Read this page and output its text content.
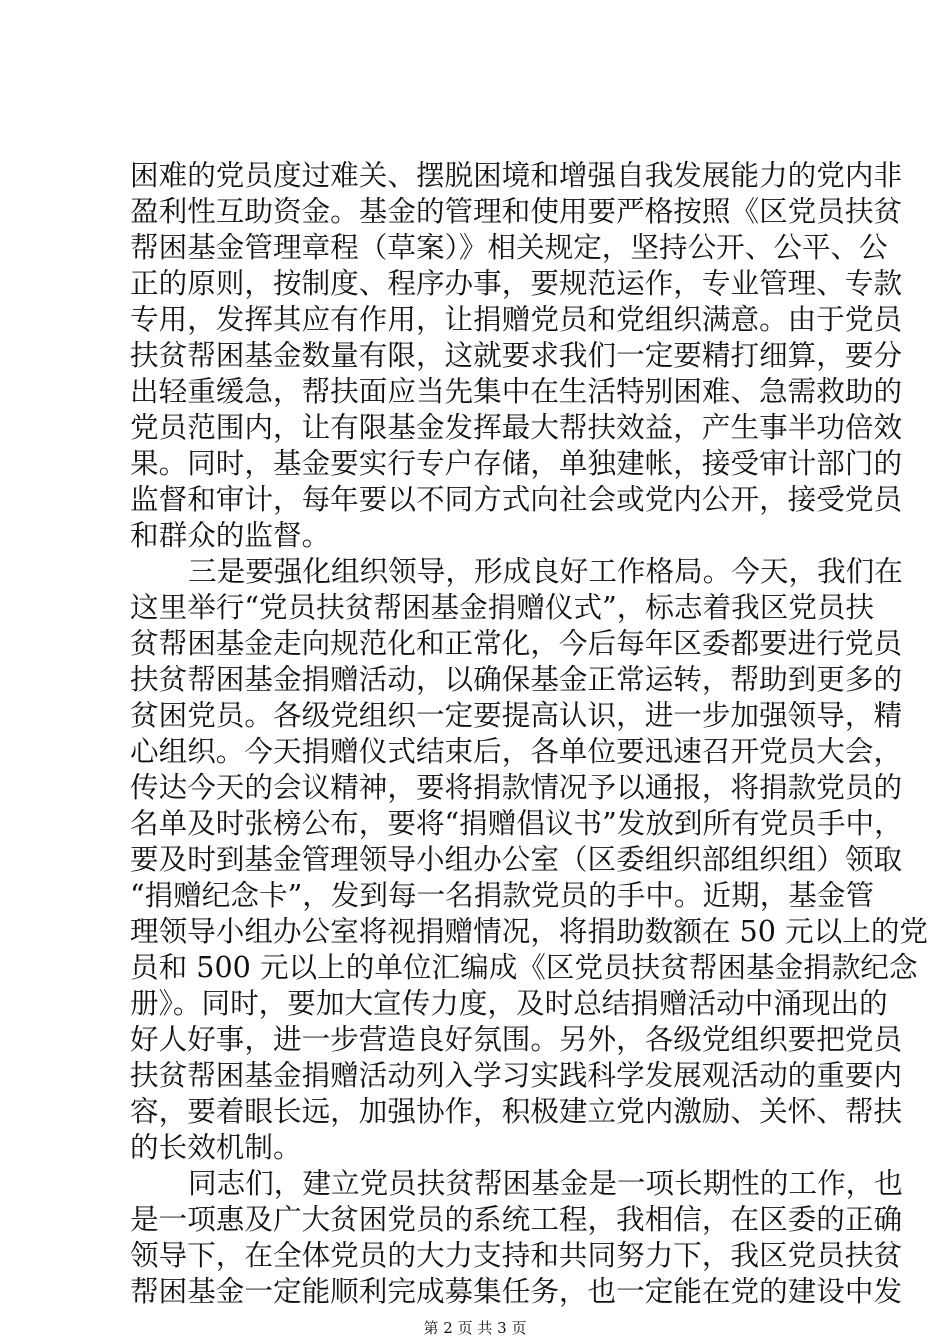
困难的党员度过难关、摆脱困境和增强自我发展能力的党内非
盈利性互助资金。基金的管理和使用要严格按照《区党员扶贫
帮困基金管理章程（草案）》相关规定，坚持公开、公平、公
正的原则，按制度、程序办事，要规范运作，专业管理、专款
专用，发挥其应有作用，让捐赠党员和党组织满意。由于党员
扶贫帮困基金数量有限，这就要求我们一定要精打细算，要分
出轻重缓急，帮扶面应当先集中在生活特别困难、急需救助的
党员范围内，让有限基金发挥最大帮扶效益，产生事半功倍效
果。同时，基金要实行专户存储，单独建帐，接受审计部门的
监督和审计，每年要以不同方式向社会或党内公开，接受党员
和群众的监督。
三是要强化组织领导，形成良好工作格局。今天，我们在
这里举行“党员扶贫帮困基金捐赠仪式”，标志着我区党员扶
贫帮困基金走向规范化和正常化，今后每年区委都要进行党员
扶贫帮困基金捐赠活动，以确保基金正常运转，帮助到更多的
贫困党员。各级党组织一定要提高认识，进一步加强领导，精
心组织。今天捐赠仪式结束后，各单位要迅速召开党员大会，
传达今天的会议精神，要将捐款情况予以通报，将捐款党员的
名单及时张榜公布，要将“捐赠倡议书”发放到所有党员手中，
要及时到基金管理领导小组办公室（区委组织部组织组）领取
“捐赠纪念卡”，发到每一名捐款党员的手中。近期，基金管
理领导小组办公室将视捐赠情况，将捐助数额在 50 元以上的党
员和 500 元以上的单位汇编成《区党员扶贫帮困基金捐款纪念
册》。同时，要加大宣传力度，及时总结捐赠活动中涌现出的
好人好事，进一步营造良好氛围。另外，各级党组织要把党员
扶贫帮困基金捐赠活动列入学习实践科学发展观活动的重要内
容，要着眼长远，加强协作，积极建立党内激励、关怀、帮扶
的长效机制。
同志们，建立党员扶贫帮困基金是一项长期性的工作，也
是一项惠及广大贫困党员的系统工程，我相信，在区委的正确
领导下，在全体党员的大力支持和共同努力下，我区党员扶贫
帮困基金一定能顺利完成募集任务，也一定能在党的建设中发
第 2 页 共 3 页
